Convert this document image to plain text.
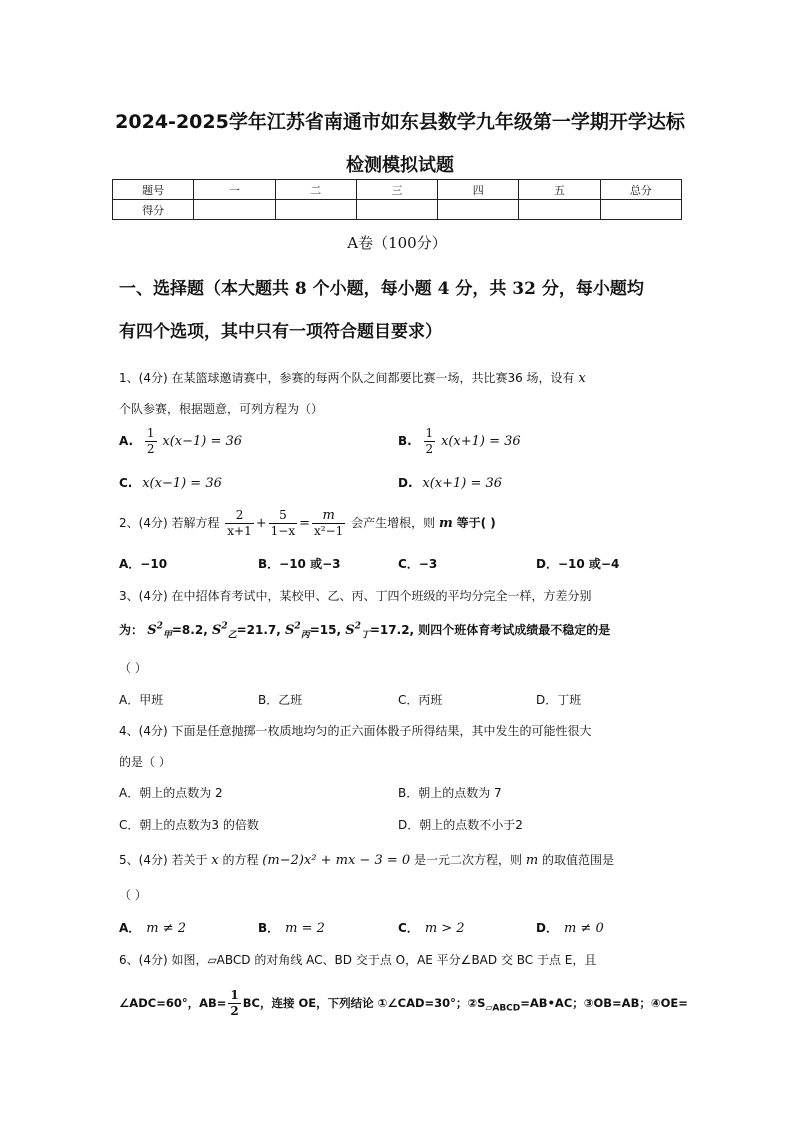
2024-2025学年江苏省南通市如东县数学九年级第一学期开学达标
检测模拟试题
题号	一	二	三	四	五	总分
得分						
A卷（100分）
一、选择题（本大题共 8 个小题，每小题 4 分，共 32 分，每小题均
有四个选项，其中只有一项符合题目要求）
1、(4分) 在某篮球邀请赛中，参赛的每两个队之间都要比赛一场，共比赛36 场，设有 x
个队参赛，根据题意，可列方程为（）
A. $\frac{1}{2} x(x-1) = 36$	B. $\frac{1}{2} x(x+1) = 36$
C. x(x−1) = 36	D. x(x+1) = 36
2、(4分) 若解方程 $\frac{2}{x+1} + \frac{5}{1-x} = \frac{m}{\text{x²−1}}$ 会产生增根，则 m 等于( )
A．−10	B．−10 或−3	C．−3	D．−10 或−4
3、(4分) 在中招体育考试中，某校甲、乙、丙、丁四个班级的平均分完全一样，方差分别
为： $S^2_甲=8.2$, $S^2_乙=21.7$, $S^2_丙=15$, $S^2_丁=17.2$, 则四个班体育考试成绩最不稳定的是
（ ）
A．甲班	B．乙班	C．丙班	D．丁班
4、(4分) 下面是任意抛掷一枚质地均匀的正六面体骰子所得结果，其中发生的可能性很大
的是（ ）
A．朝上的点数为 2	B．朝上的点数为 7
C．朝上的点数为3 的倍数	D．朝上的点数不小于2
5、(4分) 若关于 x 的方程 (m−2)x² + mx − 3 = 0 是一元二次方程，则 m 的取值范围是
（ ）
A． m ≠ 2	B． m = 2	C． m > 2	D． m ≠ 0
6、(4分) 如图，▱ABCD 的对角线 AC、BD 交于点 O，AE 平分∠BAD 交 BC 于点 E，且
∠ADC=60°，$AB= \frac{1}{2}$ BC，连接 OE，下列结论 ①∠CAD=30°；$②S_{▱ABCD}=AB•AC$；③OB=AB；④OE=
